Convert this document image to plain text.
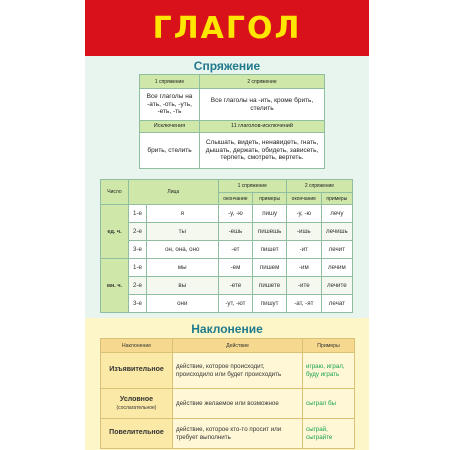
ГЛАГОЛ
Спряжение
1 спряжение	2 спряжение
Все глаголы на -ать, -оть, -уть, -еть, -ть	Все глаголы на -ить, кроме брить, стелить
Исключения	11 глаголов-исключений
брить, стелить	Слышать, видеть, ненавидеть, гнать, дышать, держать, обидеть, зависеть, терпеть, смотреть, вертеть.
Число	Лица		1 спряжение		2 спряжение	
			окончание	примеры	окончание	примеры
ед. ч.	1-е	я	-у, -ю	пишу	-у, -ю	лечу
	2-е	ты	-ешь	пишешь	-ишь	лечишь
	3-е	он, она, оно	-ет	пишет	-ит	лечит
мн. ч.	1-е	мы	-ем	пишем	-им	лечим
	2-е	вы	-ете	пишете	-ите	лечите
	3-е	они	-ут, -ют	пишут	-ат, -ят	лечат
Наклонение
Наклонение	Действие	Примеры
Изъявительное	действие, которое происходит, происходило или будет происходить	играю, играл, буду играть
Условное
(сослагательное)	действие желаемое или возможное	сыграл бы
Повелительное	действие, которое кто-то просит или требует выполнить	сыграй, сыграйте
